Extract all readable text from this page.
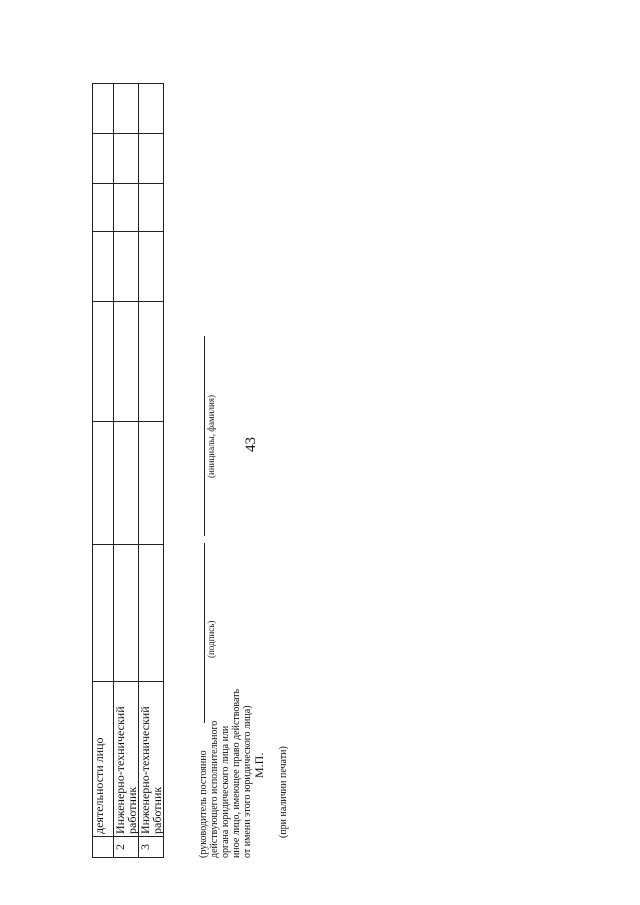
43
	деятельности лицо							
2	Инженерно-технический
работник							

3	Инженерно-технический
работник							
								(руководитель постоянно действующего исполнительного органа юридического лица или иное лицо, имеющее право действовать от имени этого юридического лица) М.П. (при наличии печати)
(подпись)
(инициалы, фамилия)
